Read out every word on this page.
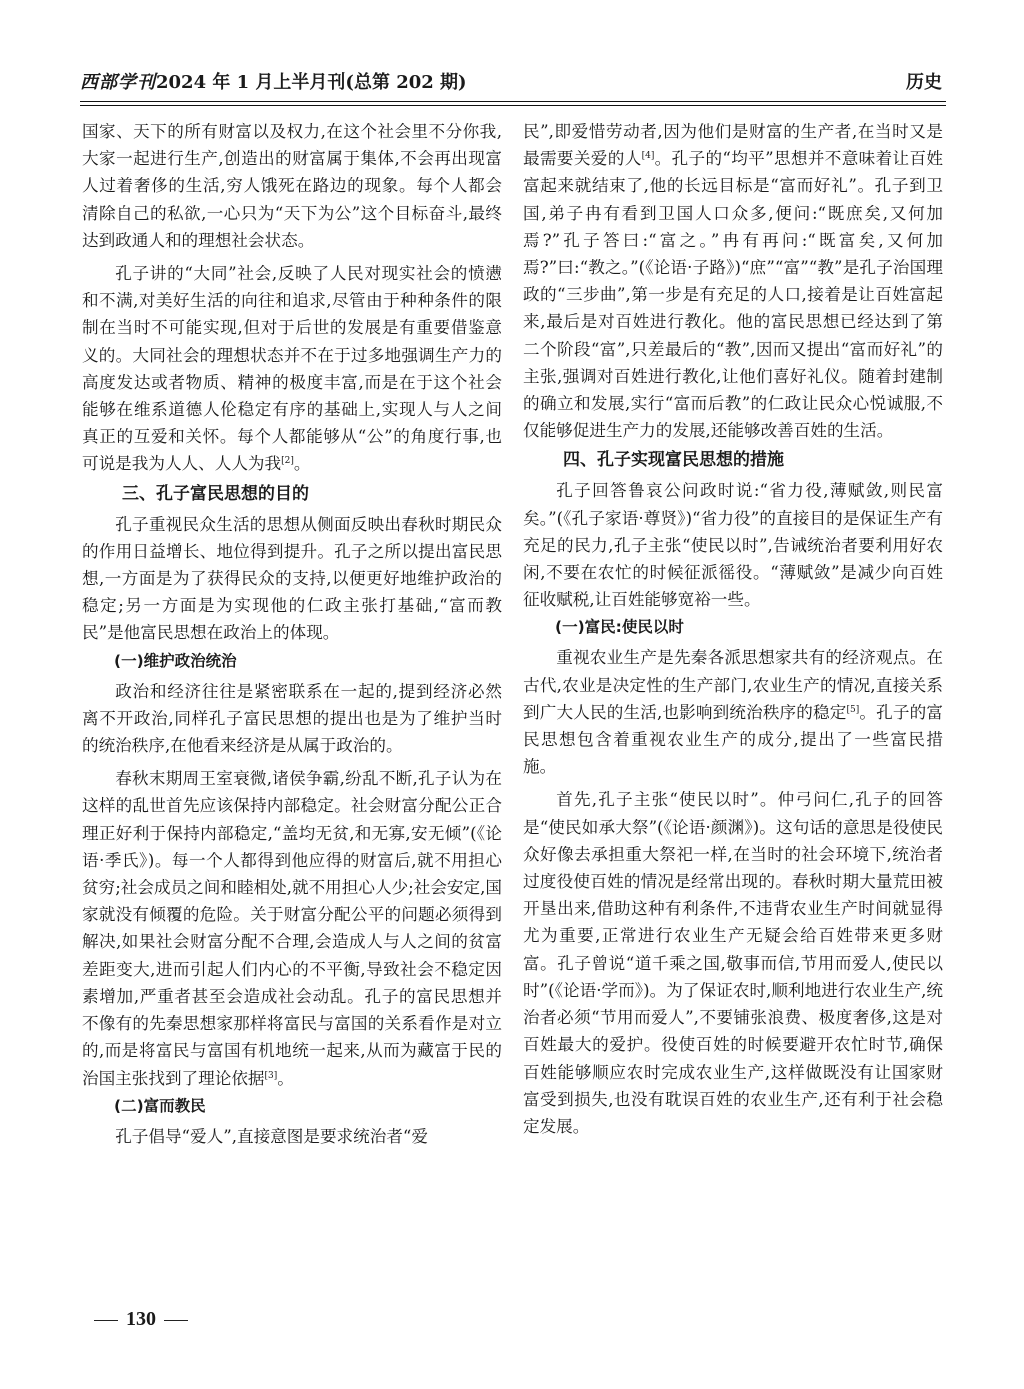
西部学刊2024 年 1 月上半月刊(总第 202 期)	历史

国家、天下的所有财富以及权力,在这个社会里不分你我,大家一起进行生产,创造出的财富属于集体,不会再出现富人过着奢侈的生活,穷人饿死在路边的现象。每个人都会清除自己的私欲,一心只为“天下为公”这个目标奋斗,最终达到政通人和的理想社会状态。

孔子讲的“大同”社会,反映了人民对现实社会的愤懑和不满,对美好生活的向往和追求,尽管由于种种条件的限制在当时不可能实现,但对于后世的发展是有重要借鉴意义的。大同社会的理想状态并不在于过多地强调生产力的高度发达或者物质、精神的极度丰富,而是在于这个社会能够在维系道德人伦稳定有序的基础上,实现人与人之间真正的互爱和关怀。每个人都能够从“公”的角度行事,也可说是我为人人、人人为我[2]。

三、孔子富民思想的目的

孔子重视民众生活的思想从侧面反映出春秋时期民众的作用日益增长、地位得到提升。孔子之所以提出富民思想,一方面是为了获得民众的支持,以便更好地维护政治的稳定;另一方面是为实现他的仁政主张打基础,“富而教民”是他富民思想在政治上的体现。

(一)维护政治统治

政治和经济往往是紧密联系在一起的,提到经济必然离不开政治,同样孔子富民思想的提出也是为了维护当时的统治秩序,在他看来经济是从属于政治的。

春秋末期周王室衰微,诸侯争霸,纷乱不断,孔子认为在这样的乱世首先应该保持内部稳定。社会财富分配公正合理正好利于保持内部稳定,“盖均无贫,和无寡,安无倾”(《论语·季氏》)。每一个人都得到他应得的财富后,就不用担心贫穷;社会成员之间和睦相处,就不用担心人少;社会安定,国家就没有倾覆的危险。关于财富分配公平的问题必须得到解决,如果社会财富分配不合理,会造成人与人之间的贫富差距变大,进而引起人们内心的不平衡,导致社会不稳定因素增加,严重者甚至会造成社会动乱。孔子的富民思想并不像有的先秦思想家那样将富民与富国的关系看作是对立的,而是将富民与富国有机地统一起来,从而为藏富于民的治国主张找到了理论依据[3]。

(二)富而教民

孔子倡导“爱人”,直接意图是要求统治者“爱

民”,即爱惜劳动者,因为他们是财富的生产者,在当时又是最需要关爱的人[4]。孔子的“均平”思想并不意味着让百姓富起来就结束了,他的长远目标是“富而好礼”。孔子到卫国,弟子冉有看到卫国人口众多,便问:“既庶矣,又何加焉?”孔子答曰:“富之。”冉有再问:“既富矣,又何加焉?”曰:“教之。”(《论语·子路》)“庶”“富”“教”是孔子治国理政的“三步曲”,第一步是有充足的人口,接着是让百姓富起来,最后是对百姓进行教化。他的富民思想已经达到了第二个阶段“富”,只差最后的“教”,因而又提出“富而好礼”的主张,强调对百姓进行教化,让他们喜好礼仪。随着封建制的确立和发展,实行“富而后教”的仁政让民众心悦诚服,不仅能够促进生产力的发展,还能够改善百姓的生活。

四、孔子实现富民思想的措施

孔子回答鲁哀公问政时说:“省力役,薄赋敛,则民富矣。”(《孔子家语·尊贤》)“省力役”的直接目的是保证生产有充足的民力,孔子主张“使民以时”,告诫统治者要利用好农闲,不要在农忙的时候征派徭役。“薄赋敛”是减少向百姓征收赋税,让百姓能够宽裕一些。

(一)富民:使民以时

重视农业生产是先秦各派思想家共有的经济观点。在古代,农业是决定性的生产部门,农业生产的情况,直接关系到广大人民的生活,也影响到统治秩序的稳定[5]。孔子的富民思想包含着重视农业生产的成分,提出了一些富民措施。

首先,孔子主张“使民以时”。仲弓问仁,孔子的回答是“使民如承大祭”(《论语·颜渊》)。这句话的意思是役使民众好像去承担重大祭祀一样,在当时的社会环境下,统治者过度役使百姓的情况是经常出现的。春秋时期大量荒田被开垦出来,借助这种有利条件,不违背农业生产时间就显得尤为重要,正常进行农业生产无疑会给百姓带来更多财富。孔子曾说“道千乘之国,敬事而信,节用而爱人,使民以时”(《论语·学而》)。为了保证农时,顺利地进行农业生产,统治者必须“节用而爱人”,不要铺张浪费、极度奢侈,这是对百姓最大的爱护。役使百姓的时候要避开农忙时节,确保百姓能够顺应农时完成农业生产,这样做既没有让国家财富受到损失,也没有耽误百姓的农业生产,还有利于社会稳定发展。

130
